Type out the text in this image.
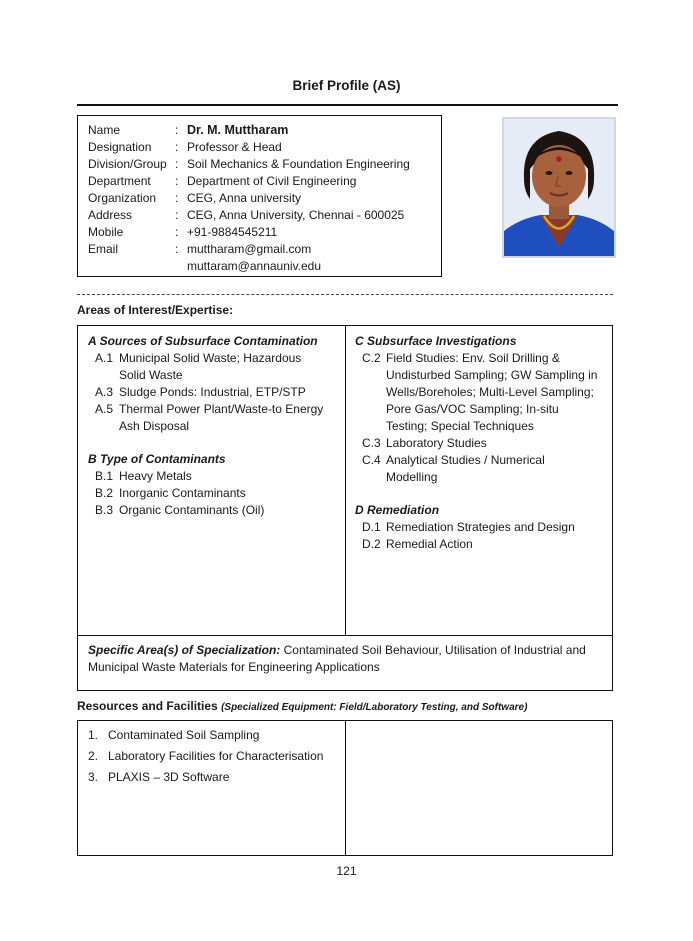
Brief Profile (AS)
Name	: Dr. M. Muttharam
Designation	: Professor & Head
Division/Group : Soil Mechanics & Foundation Engineering
Department	: Department of Civil Engineering
Organization	: CEG, Anna university
Address	: CEG, Anna University, Chennai - 600025
Mobile	: +91-9884545211
Email	: muttharam@gmail.com
muttaram@annauniv.edu
Areas of Interest/Expertise:
A Sources of Subsurface Contamination
A.1 Municipal Solid Waste; Hazardous
Solid Waste
A.3 Sludge Ponds: Industrial, ETP/STP
A.5 Thermal Power Plant/Waste-to Energy
Ash Disposal
B Type of Contaminants
B.1 Heavy Metals
B.2 Inorganic Contaminants
B.3 Organic Contaminants (Oil)
C Subsurface Investigations
C.2 Field Studies: Env. Soil Drilling &
Undisturbed Sampling; GW Sampling in
Wells/Boreholes; Multi-Level Sampling;
Pore Gas/VOC Sampling; In-situ
Testing; Special Techniques
C.3 Laboratory Studies
C.4 Analytical Studies / Numerical
Modelling
D Remediation
D.1 Remediation Strategies and Design
D.2 Remedial Action
Specific Area(s) of Specialization: Contaminated Soil Behaviour, Utilisation of Industrial and Municipal Waste Materials for Engineering Applications
Resources and Facilities (Specialized Equipment: Field/Laboratory Testing, and Software)
1. Contaminated Soil Sampling
2. Laboratory Facilities for Characterisation
3. PLAXIS – 3D Software
121
